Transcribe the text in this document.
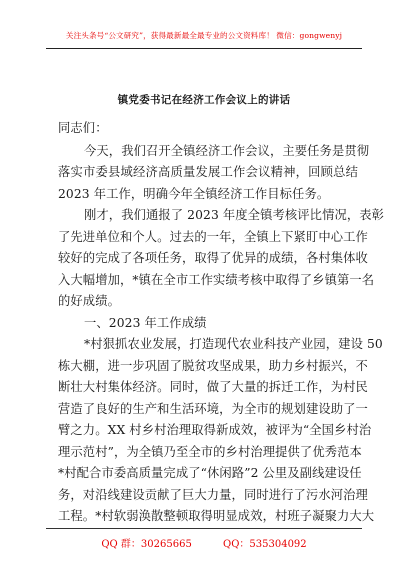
关注头条号“公文研究”，获得最新最全最专业的公文资料库！ 微信：gongwenyj
镇党委书记在经济工作会议上的讲话
同志们：
今天，我们召开全镇经济工作会议，主要任务是贯彻
落实市委县域经济高质量发展工作会议精神，回顾总结
2023 年工作，明确今年全镇经济工作目标任务。
刚才，我们通报了 2023 年度全镇考核评比情况，表彰
了先进单位和个人。过去的一年，全镇上下紧盯中心工作
较好的完成了各项任务，取得了优异的成绩，各村集体收
入大幅增加，*镇在全市工作实绩考核中取得了乡镇第一名
的好成绩。
一、2023 年工作成绩
*村狠抓农业发展，打造现代农业科技产业园，建设 50
栋大棚，进一步巩固了脱贫攻坚成果，助力乡村振兴，不
断壮大村集体经济。同时，做了大量的拆迁工作，为村民
营造了良好的生产和生活环境，为全市的规划建设助了一
臂之力。XX 村乡村治理取得新成效，被评为“全国乡村治
理示范村”，为全镇乃至全市的乡村治理提供了优秀范本
*村配合市委高质量完成了“休闲路”2 公里及副线建设任
务，对沿线建设贡献了巨大力量，同时进行了污水河治理
工程。*村软弱涣散整顿取得明显成效，村班子凝聚力大大
QQ 群：30265665	QQ：535304092
